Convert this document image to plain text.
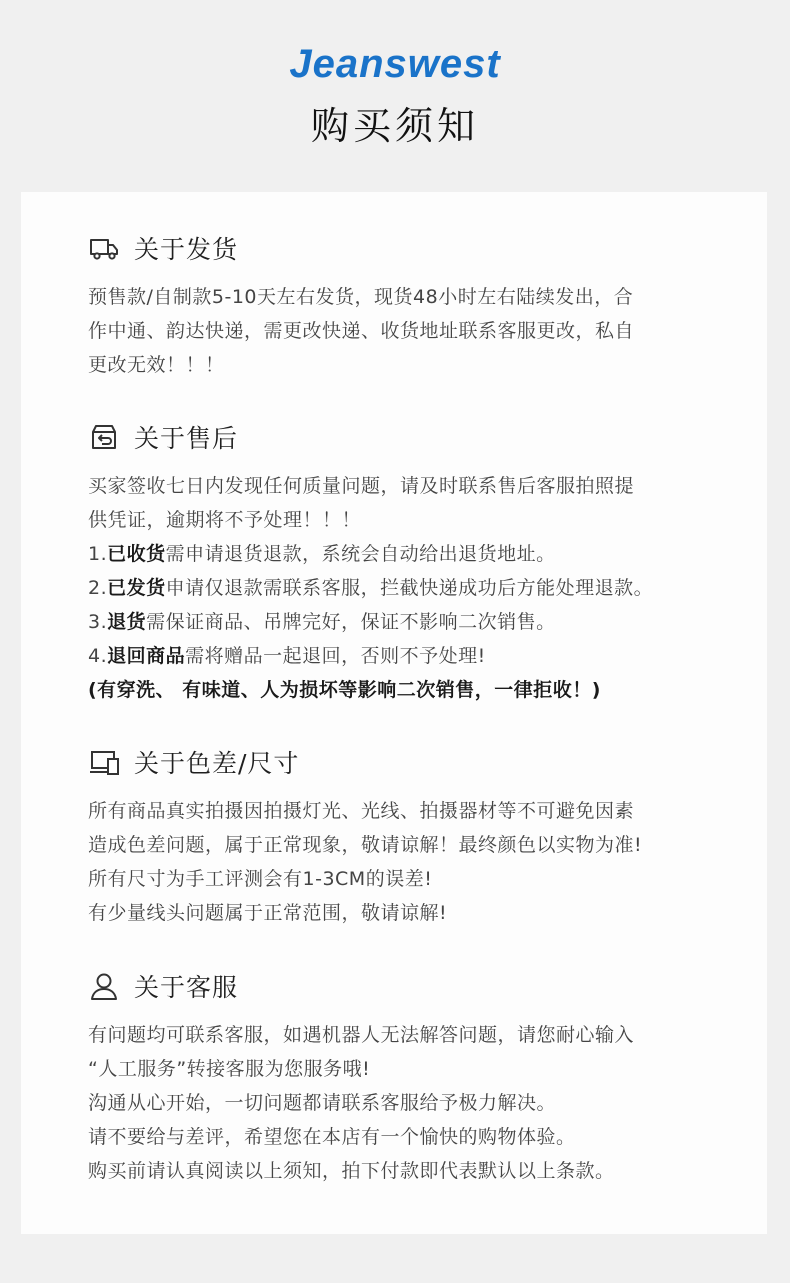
Jeanswest
购买须知
关于发货
预售款/自制款5-10天左右发货，现货48小时左右陆续发出，合
作中通、韵达快递，需更改快递、收货地址联系客服更改，私自
更改无效！！！
关于售后
买家签收七日内发现任何质量问题，请及时联系售后客服拍照提
供凭证，逾期将不予处理！！！
1.已收货需申请退货退款，系统会自动给出退货地址。
2.已发货申请仅退款需联系客服，拦截快递成功后方能处理退款。
3.退货需保证商品、吊牌完好，保证不影响二次销售。
4.退回商品需将赠品一起退回，否则不予处理!
(有穿洗、 有味道、人为损坏等影响二次销售，一律拒收！)
关于色差/尺寸
所有商品真实拍摄因拍摄灯光、光线、拍摄器材等不可避免因素
造成色差问题，属于正常现象，敬请谅解！最终颜色以实物为准!
所有尺寸为手工评测会有1-3CM的误差!
有少量线头问题属于正常范围，敬请谅解!
关于客服
有问题均可联系客服，如遇机器人无法解答问题，请您耐心输入
“人工服务”转接客服为您服务哦!
沟通从心开始，一切问题都请联系客服给予极力解决。
请不要给与差评，希望您在本店有一个愉快的购物体验。
购买前请认真阅读以上须知，拍下付款即代表默认以上条款。
